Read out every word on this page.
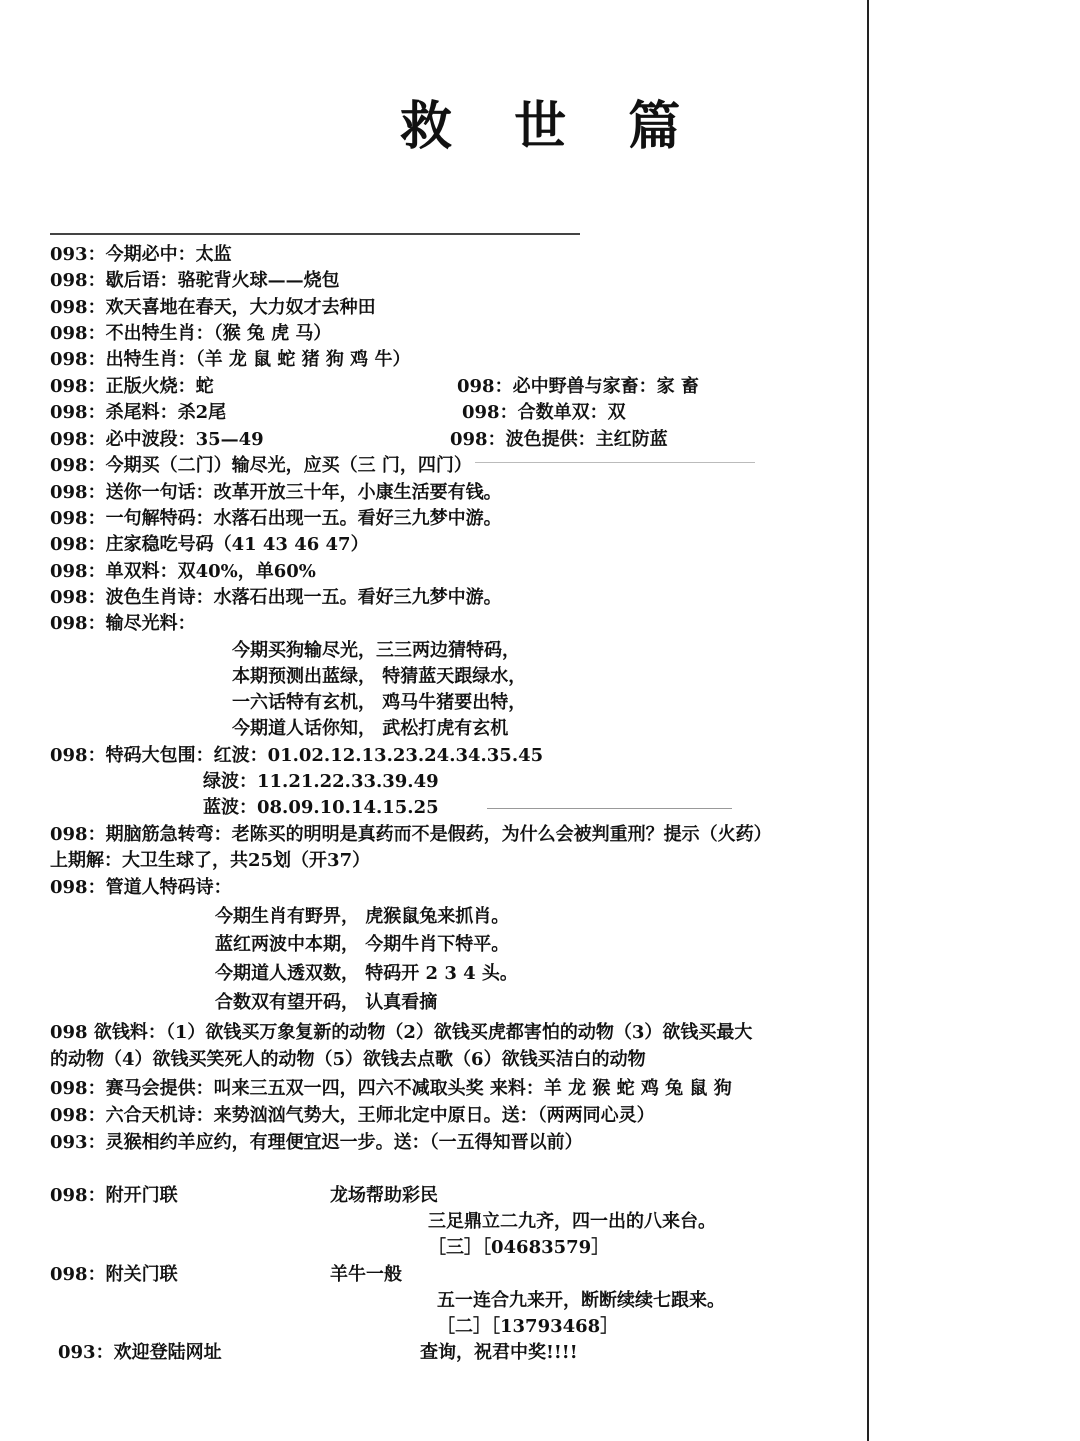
救 世 篇
093：今期必中：太监
098：歇后语：骆驼背火球——烧包
098：欢天喜地在春天，大力奴才去种田
098：不出特生肖：（猴 兔 虎 马）
098：出特生肖：（羊 龙 鼠 蛇 猪 狗 鸡 牛）
098：正版火烧：蛇	098：必中野兽与家畜：家 畜
098：杀尾料：杀2尾	098：合数单双：双
098：必中波段：35—49	098：波色提供：主红防蓝
098：今期买（二门）输尽光，应买（三 门，四门）
098：送你一句话：改革开放三十年，小康生活要有钱。
098：一句解特码：水落石出现一五。看好三九梦中游。
098：庄家稳吃号码（41 43 46 47）
098：单双料：双40%，单60%
098：波色生肖诗：水落石出现一五。看好三九梦中游。
098：输尽光料：
今期买狗输尽光，三三两边猜特码，
本期预测出蓝绿， 特猜蓝天跟绿水，
一六话特有玄机， 鸡马牛猪要出特，
今期道人话你知， 武松打虎有玄机
098：特码大包围：红波：01.02.12.13.23.24.34.35.45
绿波：11.21.22.33.39.49
蓝波：08.09.10.14.15.25
098：期脑筋急转弯：老陈买的明明是真药而不是假药，为什么会被判重刑？提示（火药）
上期解：大卫生球了，共25划（开37）
098：管道人特码诗：
今期生肖有野畀， 虎猴鼠兔来抓肖。
蓝红两波中本期， 今期牛肖下特平。
今期道人透双数， 特码开 2 3 4 头。
合数双有望开码， 认真看摘
098 欲钱料：（1）欲钱买万象复新的动物（2）欲钱买虎都害怕的动物（3）欲钱买最大
的动物（4）欲钱买笑死人的动物（5）欲钱去点歌（6）欲钱买洁白的动物
098：赛马会提供：叫来三五双一四，四六不减取头奖 来料：羊 龙 猴 蛇 鸡 兔 鼠 狗
098：六合天机诗：来势汹汹气势大，王师北定中原日。送：（两两同心灵）
093：灵猴相约羊应约，有理便宜迟一步。送：（一五得知晋以前）
098：附开门联	龙场帮助彩民
三足鼎立二九齐，四一出的八来台。
［三］［04683579］
098：附关门联	羊牛一般
五一连合九来开，断断续续七跟来。
［二］［13793468］
093：欢迎登陆网址	查询，祝君中奖!!!!
